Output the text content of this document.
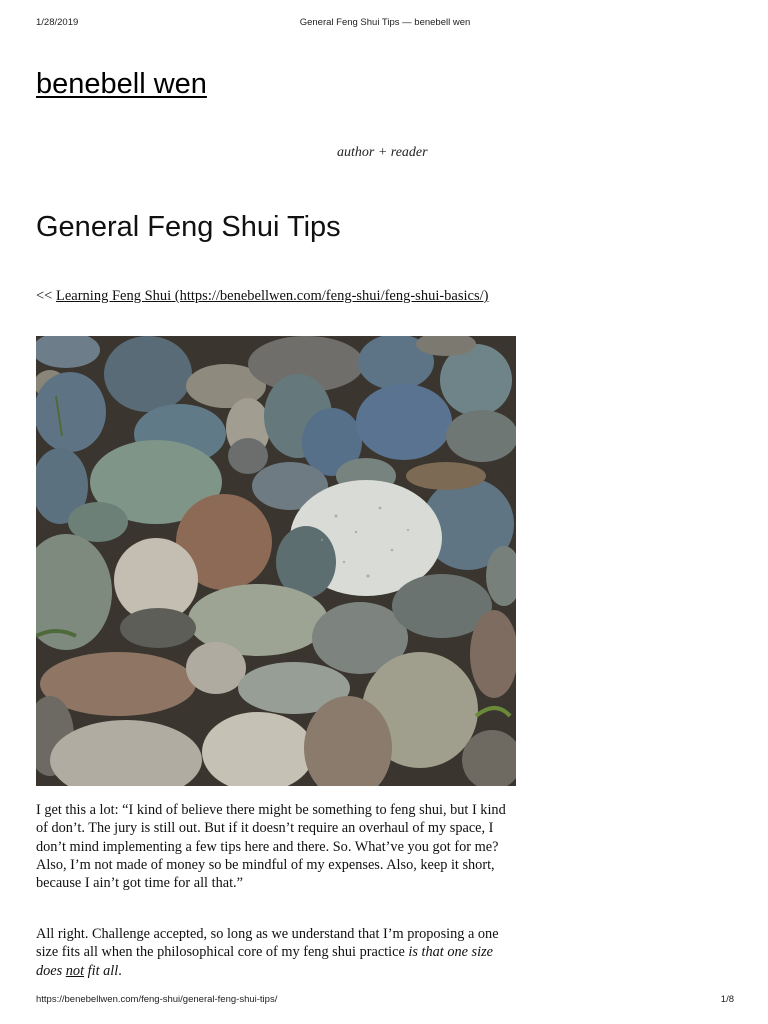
1/28/2019	General Feng Shui Tips — benebell wen
benebell wen
author + reader
General Feng Shui Tips
<< Learning Feng Shui (https://benebellwen.com/feng-shui/feng-shui-basics/)

I get this a lot: “I kind of believe there might be something to feng shui, but I kind of don’t. The jury is still out. But if it doesn’t require an overhaul of my space, I don’t mind implementing a few tips here and there. So. What’ve you got for me? Also, I’m not made of money so be mindful of my expenses. Also, keep it short, because I ain’t got time for all that.”

All right. Challenge accepted, so long as we understand that I’m proposing a one size fits all when the philosophical core of my feng shui practice is that one size does not fit all.

https://benebellwen.com/feng-shui/general-feng-shui-tips/	1/8
